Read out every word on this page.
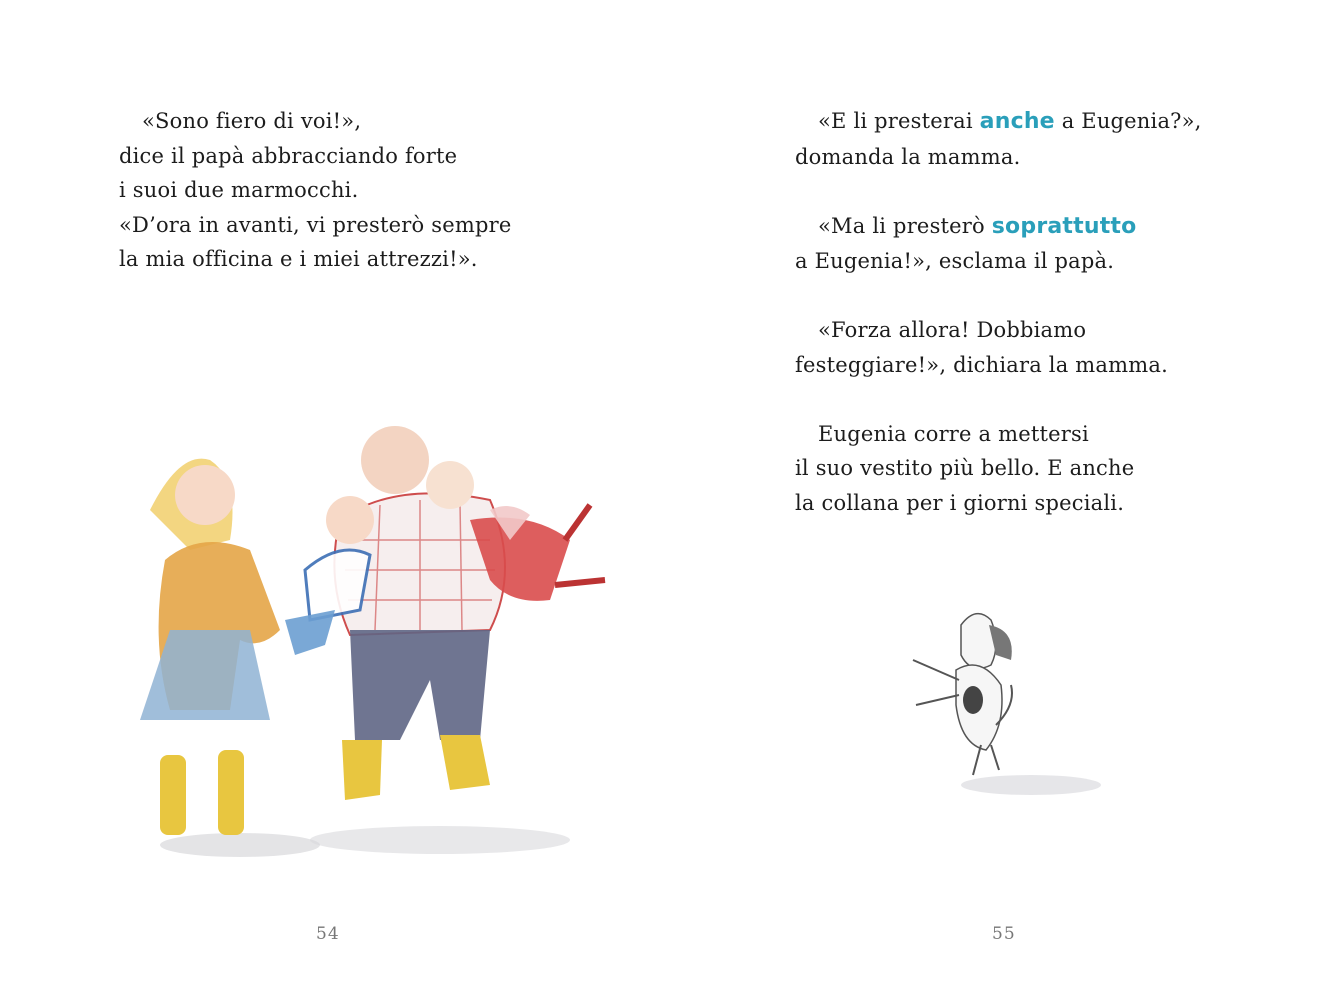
«Sono fiero di voi!»,
dice il papà abbracciando forte
i suoi due marmocchi.
«D’ora in avanti, vi presterò sempre
la mia officina e i miei attrezzi!».

54

«E li presterai anche a Eugenia?»,
domanda la mamma.

«Ma li presterò soprattutto
a Eugenia!», esclama il papà.

«Forza allora! Dobbiamo
festeggiare!», dichiara la mamma.

Eugenia corre a mettersi
il suo vestito più bello. E anche
la collana per i giorni speciali.

55
